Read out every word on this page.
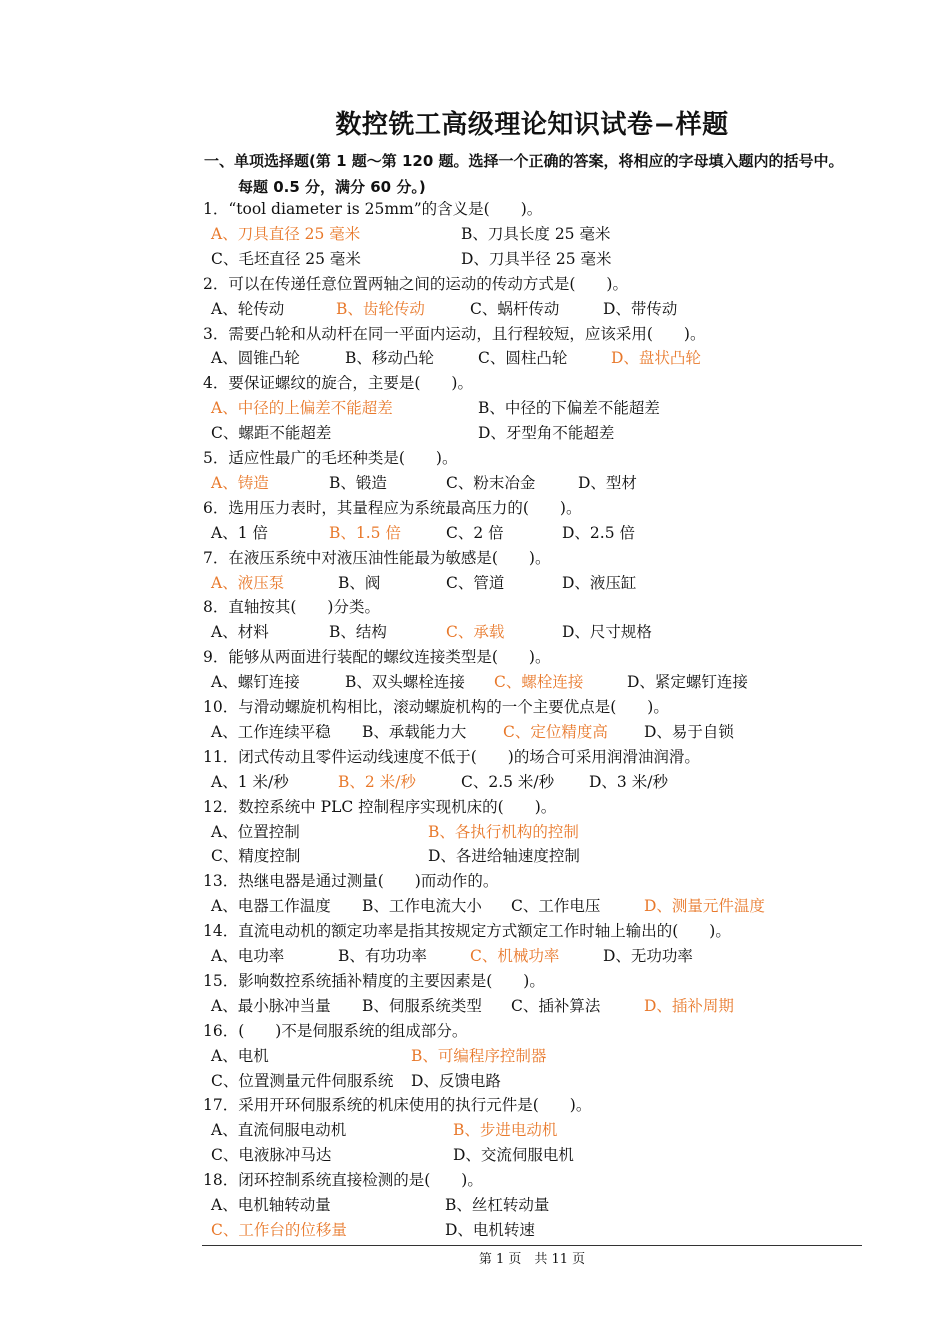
数控铣工高级理论知识试卷−样题
一、单项选择题(第 1 题～第 120 题。选择一个正确的答案，将相应的字母填入题内的括号中。
每题 0.5 分，满分 60 分。)
1．“tool diameter is 25mm”的含义是(　　)。
A、刀具直径 25 毫米	B、刀具长度 25 毫米
C、毛坯直径 25 毫米	D、刀具半径 25 毫米
2．可以在传递任意位置两轴之间的运动的传动方式是(　　)。
A、轮传动	B、齿轮传动	C、蜗杆传动	D、带传动
3．需要凸轮和从动杆在同一平面内运动，且行程较短，应该采用(　　)。
A、圆锥凸轮	B、移动凸轮	C、圆柱凸轮	D、盘状凸轮
4．要保证螺纹的旋合，主要是(　　)。
A、中径的上偏差不能超差	B、中径的下偏差不能超差
C、螺距不能超差	D、牙型角不能超差
5．适应性最广的毛坯种类是(　　)。
A、铸造	B、锻造	C、粉末冶金	D、型材
6．选用压力表时，其量程应为系统最高压力的(　　)。
A、1 倍	B、1.5 倍	C、2 倍	D、2.5 倍
7．在液压系统中对液压油性能最为敏感是(　　)。
A、液压泵	B、阀	C、管道	D、液压缸
8．直轴按其(　　)分类。
A、材料	B、结构	C、承载	D、尺寸规格
9．能够从两面进行装配的螺纹连接类型是(　　)。
A、螺钉连接	B、双头螺栓连接 C、螺栓连接	D、紧定螺钉连接
10．与滑动螺旋机构相比，滚动螺旋机构的一个主要优点是(　　)。
A、工作连续平稳 B、承载能力大 C、定位精度高 D、易于自锁
11．闭式传动且零件运动线速度不低于(　　)的场合可采用润滑油润滑。
A、1 米/秒	B、2 米/秒	C、2.5 米/秒 D、3 米/秒
12．数控系统中 PLC 控制程序实现机床的(　　)。
A、位置控制	B、各执行机构的控制
C、精度控制	D、各进给轴速度控制
13．热继电器是通过测量(　　)而动作的。
A、电器工作温度 B、工作电流大小 C、工作电压	D、测量元件温度
14．直流电动机的额定功率是指其按规定方式额定工作时轴上输出的(　　)。
A、电功率	B、有功功率	C、机械功率	D、无功功率
15．影响数控系统插补精度的主要因素是(　　)。
A、最小脉冲当量 B、伺服系统类型 C、插补算法	D、插补周期
16．(　　)不是伺服系统的组成部分。
A、电机	B、可编程序控制器
C、位置测量元件伺服系统 D、反馈电路
17．采用开环伺服系统的机床使用的执行元件是(　　)。
A、直流伺服电动机	B、步进电动机
C、电液脉冲马达	D、交流伺服电机
18．闭环控制系统直接检测的是(　　)。
A、电机轴转动量	B、丝杠转动量
C、工作台的位移量	D、电机转速
第 1 页　共 11 页
